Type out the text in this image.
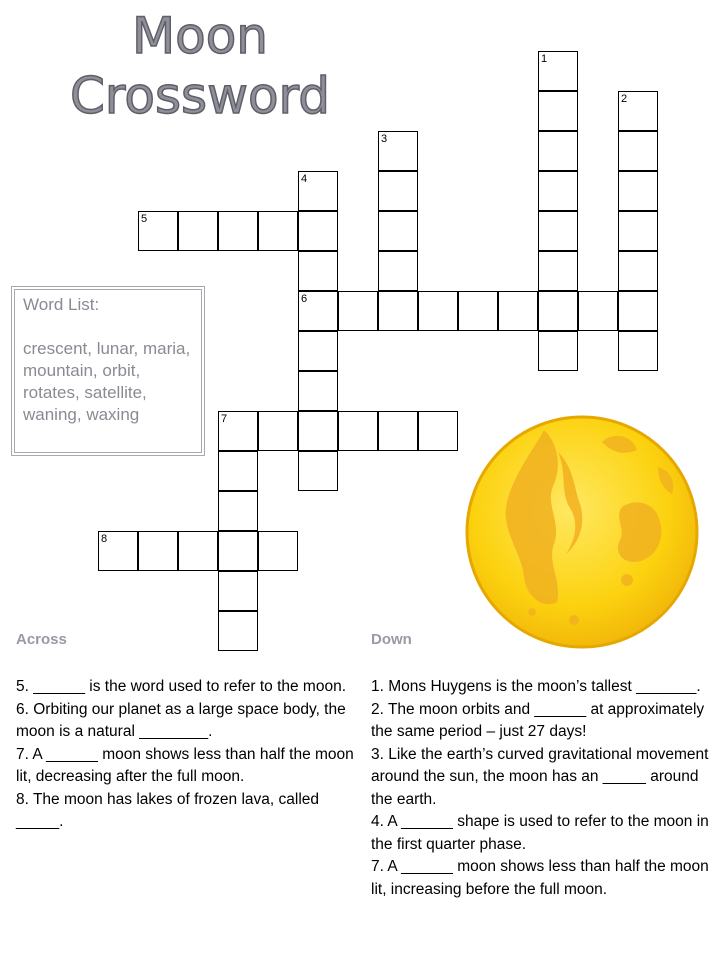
Moon
Crossword
1
2
3
4
6
5
7
8
Word List:
crescent, lunar, maria, mountain, orbit, rotates, satellite, waning, waxing
Across	Down

5. ______ is the word used to refer to the moon.

6. Orbiting our planet as a large space body, the moon is a natural ________.

7. A ______ moon shows less than half the moon lit, decreasing after the full moon.

8. The moon has lakes of frozen lava, called _____.

1. Mons Huygens is the moon’s tallest _______.

2. The moon orbits and ______ at approximately the same period – just 27 days!

3. Like the earth’s curved gravitational movement around the sun, the moon has an _____ around the earth.

4. A ______ shape is used to refer to the moon in the first quarter phase.

7. A ______ moon shows less than half the moon lit, increasing before the full moon.
